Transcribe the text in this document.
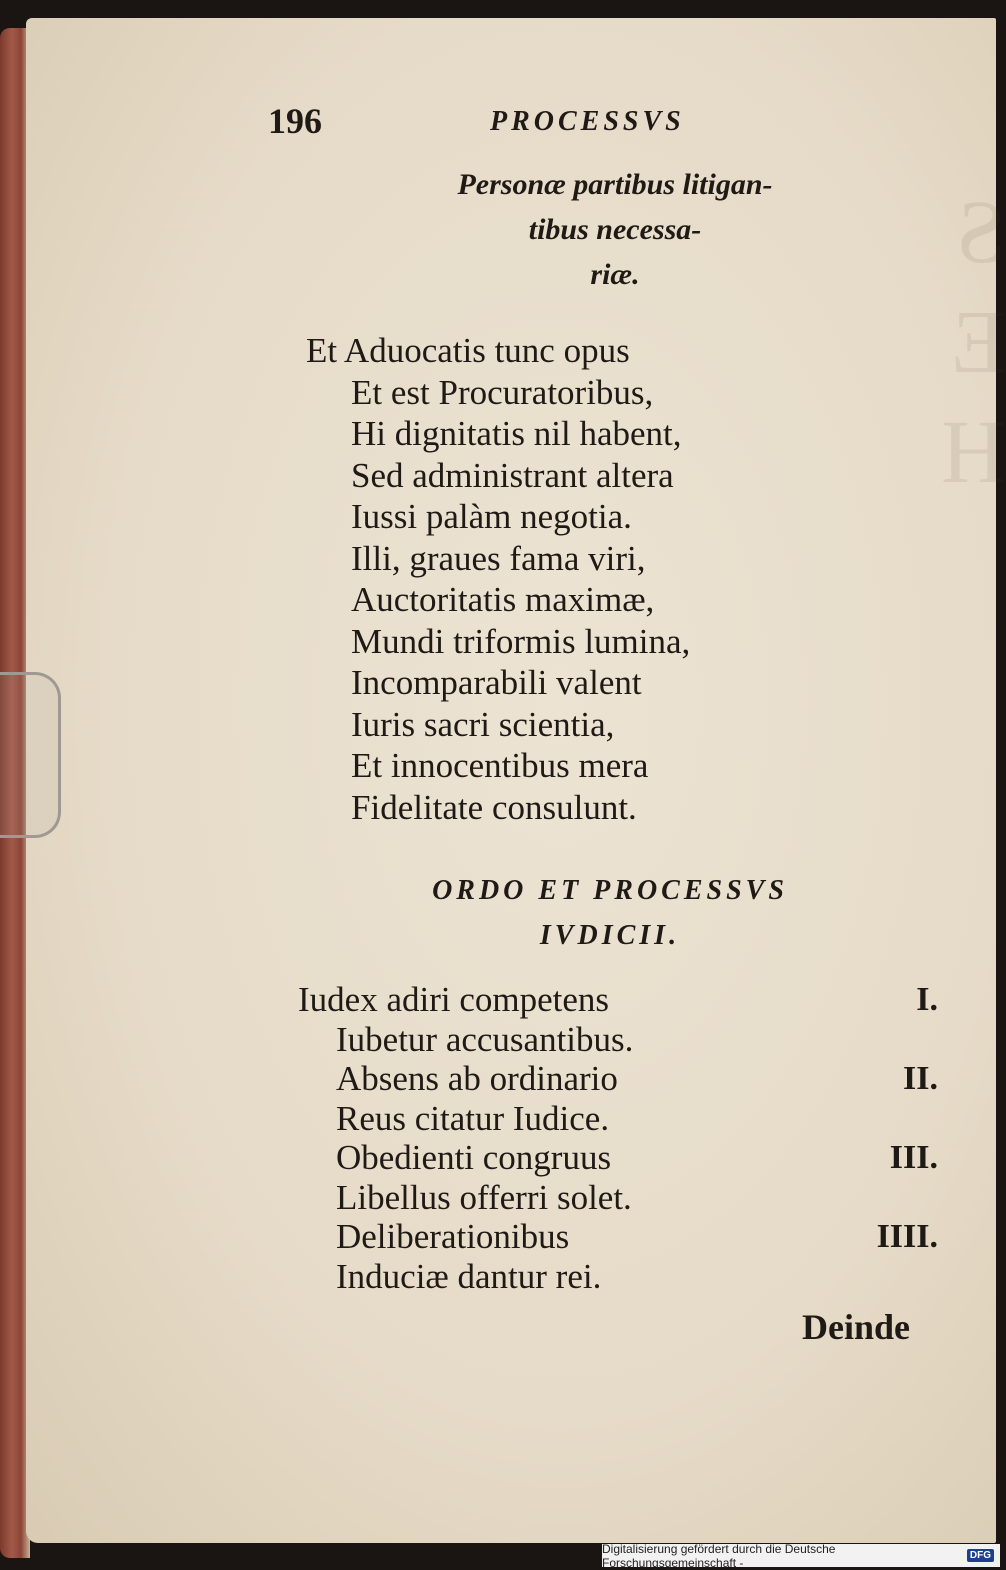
S
E
H
196	PROCESSVS
Personæ partibus litigan-
tibus necessa-
riæ.
Et Aduocatis tunc opus
Et est Procuratoribus,
Hi dignitatis nil habent,
Sed administrant altera
Iussi palàm negotia.
Illi, graues fama viri,
Auctoritatis maximæ,
Mundi triformis lumina,
Incomparabili valent
Iuris sacri scientia,
Et innocentibus mera
Fidelitate consulunt.
ORDO ET PROCESSVS
IVDICII.
Iudex adiri competens	I.
Iubetur accusantibus.
Absens ab ordinario	II.
Reus citatur Iudice.
Obedienti congruus	III.
Libellus offerri solet.
Deliberationibus	IIII.
Induciæ dantur rei.
Deinde
Digitalisierung gefördert durch die Deutsche Forschungsgemeinschaft -	DFG
